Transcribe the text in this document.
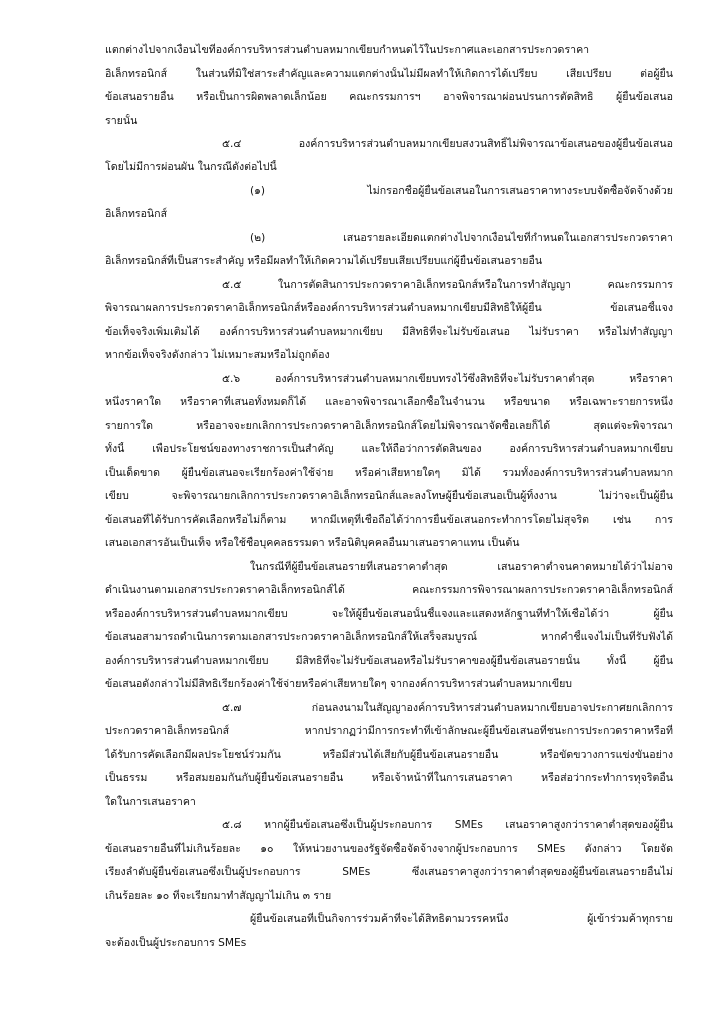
แตกต่างไปจากเงื่อนไขที่องค์การบริหารส่วนตำบลหมากเขียบกำหนดไว้ในประกาศและเอกสารประกวดราคา

อิเล็กทรอนิกส์ ในส่วนที่มิใช่สาระสำคัญและความแตกต่างนั้นไม่มีผลทำให้เกิดการได้เปรียบ เสียเปรียบ ต่อผู้ยื่น

ข้อเสนอรายอื่น หรือเป็นการผิดพลาดเล็กน้อย คณะกรรมการฯ อาจพิจารณาผ่อนปรนการตัดสิทธิ ผู้ยื่นข้อเสนอ

รายนั้น

๕.๔ องค์การบริหารส่วนตำบลหมากเขียบสงวนสิทธิ์ไม่พิจารณาข้อเสนอของผู้ยื่นข้อเสนอ

โดยไม่มีการผ่อนผัน ในกรณีดังต่อไปนี้

(๑) ไม่กรอกชื่อผู้ยื่นข้อเสนอในการเสนอราคาทางระบบจัดซื้อจัดจ้างด้วย

อิเล็กทรอนิกส์

(๒) เสนอรายละเอียดแตกต่างไปจากเงื่อนไขที่กำหนดในเอกสารประกวดราคา

อิเล็กทรอนิกส์ที่เป็นสาระสำคัญ หรือมีผลทำให้เกิดความได้เปรียบเสียเปรียบแก่ผู้ยื่นข้อเสนอรายอื่น

๕.๕ ในการตัดสินการประกวดราคาอิเล็กทรอนิกส์หรือในการทำสัญญา คณะกรรมการ

พิจารณาผลการประกวดราคาอิเล็กทรอนิกส์หรือองค์การบริหารส่วนตำบลหมากเขียบมีสิทธิให้ผู้ยื่น ข้อเสนอชี้แจง

ข้อเท็จจริงเพิ่มเติมได้ องค์การบริหารส่วนตำบลหมากเขียบ มีสิทธิที่จะไม่รับข้อเสนอ ไม่รับราคา หรือไม่ทำสัญญา

หากข้อเท็จจริงดังกล่าว ไม่เหมาะสมหรือไม่ถูกต้อง

๕.๖ องค์การบริหารส่วนตำบลหมากเขียบทรงไว้ซึ่งสิทธิที่จะไม่รับราคาต่ำสุด หรือราคา

หนึ่งราคาใด หรือราคาที่เสนอทั้งหมดก็ได้ และอาจพิจารณาเลือกซื้อในจำนวน หรือขนาด หรือเฉพาะรายการหนึ่ง

รายการใด หรืออาจจะยกเลิกการประกวดราคาอิเล็กทรอนิกส์โดยไม่พิจารณาจัดซื้อเลยก็ได้ สุดแต่จะพิจารณา

ทั้งนี้ เพื่อประโยชน์ของทางราชการเป็นสำคัญ และให้ถือว่าการตัดสินของ องค์การบริหารส่วนตำบลหมากเขียบ

เป็นเด็ดขาด ผู้ยื่นข้อเสนอจะเรียกร้องค่าใช้จ่าย หรือค่าเสียหายใดๆ มิได้ รวมทั้งองค์การบริหารส่วนตำบลหมาก

เขียบ จะพิจารณายกเลิกการประกวดราคาอิเล็กทรอนิกส์และลงโทษผู้ยื่นข้อเสนอเป็นผู้ทิ้งงาน ไม่ว่าจะเป็นผู้ยื่น

ข้อเสนอที่ได้รับการคัดเลือกหรือไม่ก็ตาม หากมีเหตุที่เชื่อถือได้ว่าการยื่นข้อเสนอกระทำการโดยไม่สุจริต เช่น การ

เสนอเอกสารอันเป็นเท็จ หรือใช้ชื่อบุคคลธรรมดา หรือนิติบุคคลอื่นมาเสนอราคาแทน เป็นต้น

ในกรณีที่ผู้ยื่นข้อเสนอรายที่เสนอราคาต่ำสุด เสนอราคาต่ำจนคาดหมายได้ว่าไม่อาจ

ดำเนินงานตามเอกสารประกวดราคาอิเล็กทรอนิกส์ได้ คณะกรรมการพิจารณาผลการประกวดราคาอิเล็กทรอนิกส์

หรือองค์การบริหารส่วนตำบลหมากเขียบ จะให้ผู้ยื่นข้อเสนอนั้นชี้แจงและแสดงหลักฐานที่ทำให้เชื่อได้ว่า ผู้ยื่น

ข้อเสนอสามารถดำเนินการตามเอกสารประกวดราคาอิเล็กทรอนิกส์ให้เสร็จสมบูรณ์ หากคำชี้แจงไม่เป็นที่รับฟังได้

องค์การบริหารส่วนตำบลหมากเขียบ มีสิทธิที่จะไม่รับข้อเสนอหรือไม่รับราคาของผู้ยื่นข้อเสนอรายนั้น ทั้งนี้ ผู้ยื่น

ข้อเสนอดังกล่าวไม่มีสิทธิเรียกร้องค่าใช้จ่ายหรือค่าเสียหายใดๆ จากองค์การบริหารส่วนตำบลหมากเขียบ

๕.๗ ก่อนลงนามในสัญญาองค์การบริหารส่วนตำบลหมากเขียบอาจประกาศยกเลิกการ

ประกวดราคาอิเล็กทรอนิกส์ หากปรากฏว่ามีการกระทำที่เข้าลักษณะผู้ยื่นข้อเสนอที่ชนะการประกวดราคาหรือที่

ได้รับการคัดเลือกมีผลประโยชน์ร่วมกัน หรือมีส่วนได้เสียกับผู้ยื่นข้อเสนอรายอื่น หรือขัดขวางการแข่งขันอย่าง

เป็นธรรม หรือสมยอมกันกับผู้ยื่นข้อเสนอรายอื่น หรือเจ้าหน้าที่ในการเสนอราคา หรือส่อว่ากระทำการทุจริตอื่น

ใดในการเสนอราคา

๕.๘ หากผู้ยื่นข้อเสนอซึ่งเป็นผู้ประกอบการ SMEs เสนอราคาสูงกว่าราคาต่ำสุดของผู้ยื่น

ข้อเสนอรายอื่นที่ไม่เกินร้อยละ ๑๐ ให้หน่วยงานของรัฐจัดซื้อจัดจ้างจากผู้ประกอบการ SMEs ดังกล่าว โดยจัด

เรียงลำดับผู้ยื่นข้อเสนอซึ่งเป็นผู้ประกอบการ SMEs ซึ่งเสนอราคาสูงกว่าราคาต่ำสุดของผู้ยื่นข้อเสนอรายอื่นไม่

เกินร้อยละ ๑๐ ที่จะเรียกมาทำสัญญาไม่เกิน ๓ ราย

ผู้ยื่นข้อเสนอที่เป็นกิจการร่วมค้าที่จะได้สิทธิตามวรรคหนึ่ง ผู้เข้าร่วมค้าทุกราย

จะต้องเป็นผู้ประกอบการ SMEs
